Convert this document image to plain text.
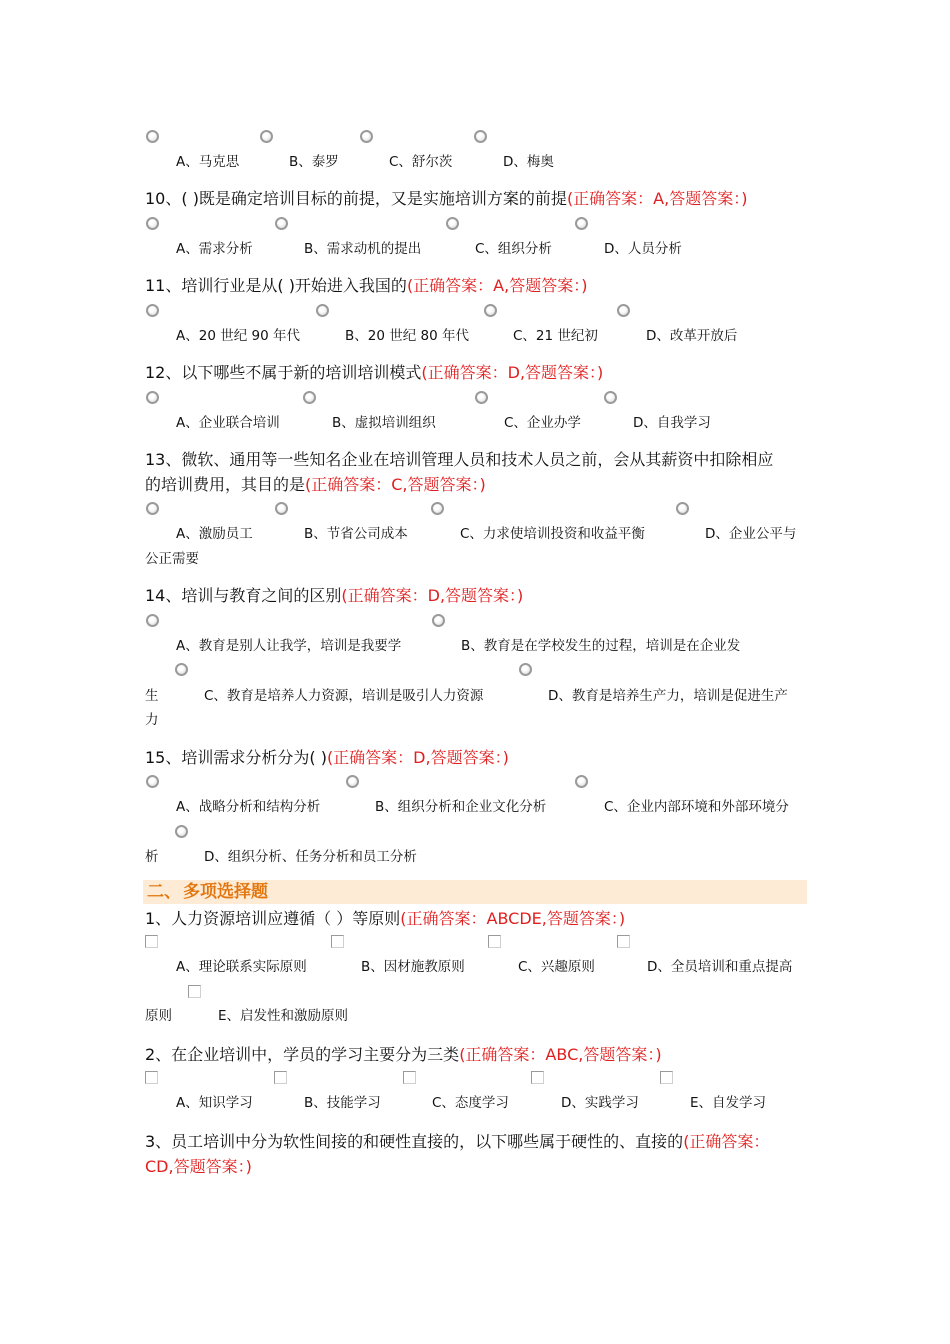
A、马克思	B、泰罗	C、舒尔茨	D、梅奥
10、( )既是确定培训目标的前提，又是实施培训方案的前提(正确答案：A,答题答案：)
A、需求分析	B、需求动机的提出	C、组织分析	D、人员分析
11、培训行业是从( )开始进入我国的(正确答案：A,答题答案：)
A、20 世纪 90 年代	B、20 世纪 80 年代	C、21 世纪初	D、改革开放后
12、以下哪些不属于新的培训培训模式(正确答案：D,答题答案：)
A、企业联合培训	B、虚拟培训组织	C、企业办学	D、自我学习
13、微软、通用等一些知名企业在培训管理人员和技术人员之前，会从其薪资中扣除相应
的培训费用，其目的是(正确答案：C,答题答案：)
A、激励员工	B、节省公司成本	C、力求使培训投资和收益平衡	D、企业公平与
公正需要
14、培训与教育之间的区别(正确答案：D,答题答案：)
A、教育是别人让我学，培训是我要学	B、教育是在学校发生的过程，培训是在企业发
生	C、教育是培养人力资源，培训是吸引人力资源	D、教育是培养生产力，培训是促进生产
力
15、培训需求分析分为( )(正确答案：D,答题答案：)
A、战略分析和结构分析	B、组织分析和企业文化分析	C、企业内部环境和外部环境分
析	D、组织分析、任务分析和员工分析
二、 多项选择题
1、人力资源培训应遵循（ ）等原则(正确答案：ABCDE,答题答案：)
A、理论联系实际原则	B、因材施教原则	C、兴趣原则	D、全员培训和重点提高
原则	E、启发性和激励原则
2、在企业培训中，学员的学习主要分为三类(正确答案：ABC,答题答案：)
A、知识学习	B、技能学习	C、态度学习	D、实践学习	E、自发学习
3、员工培训中分为软性间接的和硬性直接的，以下哪些属于硬性的、直接的(正确答案：
CD,答题答案：)
